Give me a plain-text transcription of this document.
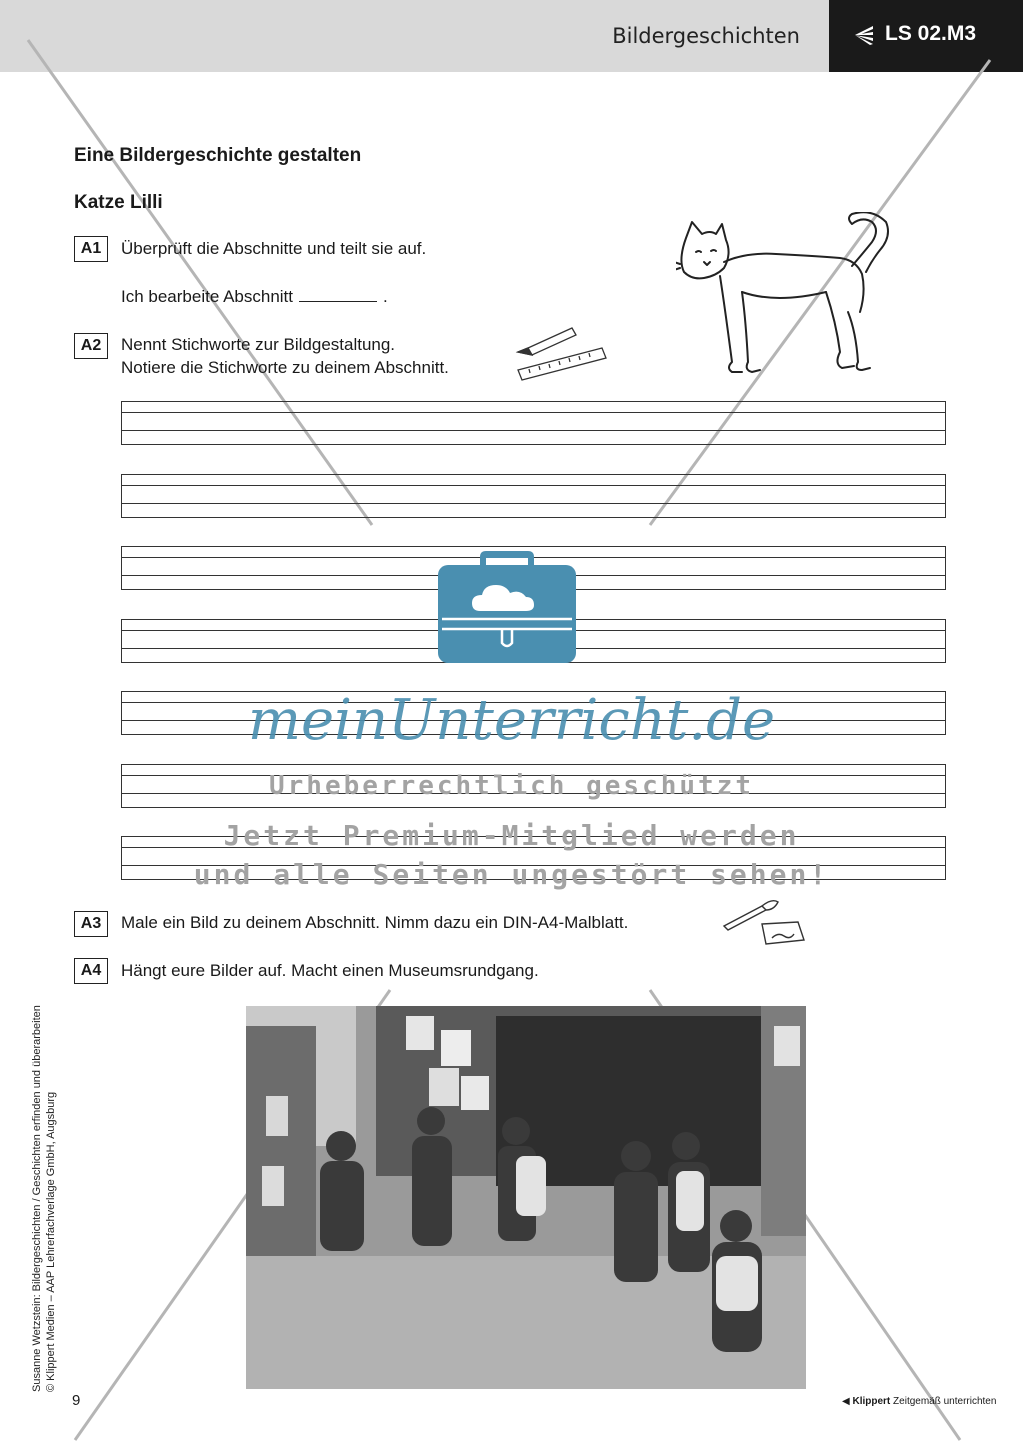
Bildergeschichten	LS 02.M3
Eine Bildergeschichte gestalten
Katze Lilli
A1	Überprüft die Abschnitte und teilt sie auf.
Ich bearbeite Abschnitt	.
A2	Nennt Stichworte zur Bildgestaltung.
Notiere die Stichworte zu deinem Abschnitt.
meinUnterricht.de
Urheberrechtlich geschützt
Jetzt Premium-Mitglied werden
und alle Seiten ungestört sehen!
A3	Male ein Bild zu deinem Abschnitt. Nimm dazu ein DIN-A4-Malblatt.
A4	Hängt eure Bilder auf. Macht einen Museumsrundgang.
Susanne Wetzstein: Bildergeschichten / Geschichten erfinden und überarbeiten © Klippert Medien – AAP Lehrerfachverlage GmbH, Augsburg
9	◀ Klippert Zeitgemäß unterrichten
